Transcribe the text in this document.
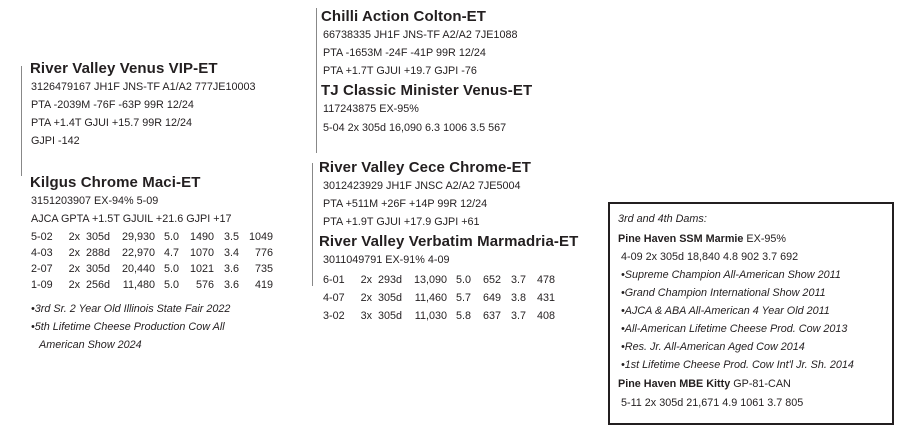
River Valley Venus VIP-ET
3126479167 JH1F JNS-TF A1/A2 777JE10003
PTA -2039M -76F -63P 99R 12/24
PTA +1.4T GJUI +15.7 99R 12/24
GJPI -142
Chilli Action Colton-ET
66738335 JH1F JNS-TF A2/A2 7JE1088
PTA -1653M -24F -41P 99R 12/24
PTA +1.7T GJUI +19.7 GJPI -76
TJ Classic Minister Venus-ET
117243875 EX-95%
5-04 2x 305d 16,090 6.3 1006 3.5 567
Kilgus Chrome Maci-ET
3151203907 EX-94% 5-09
AJCA GPTA +1.5T GJUIL +21.6 GJPI +17
5-02	2x 305d	29,930 5.0	1490 3.5 1049
4-03	2x 288d	22,970 4.7	1070 3.4	776
2-07	2x 305d	20,440 5.0	1021 3.6	735
1-09	2x 256d	11,480 5.0	576 3.6	419
•3rd Sr. 2 Year Old Illinois State Fair 2022
•5th Lifetime Cheese Production Cow All
American Show 2024
River Valley Cece Chrome-ET
3012423929 JH1F JNSC A2/A2 7JE5004
PTA +511M +26F +14P 99R 12/24
PTA +1.9T GJUI +17.9 GJPI +61
River Valley Verbatim Marmadria-ET
3011049791 EX-91% 4-09
6-01	2x 293d	13,090 5.0	652 3.7	478
4-07	2x 305d	11,460 5.7	649 3.8	431
3-02	3x 305d	11,030 5.8	637 3.7	408
3rd and 4th Dams:
Pine Haven SSM Marmie EX-95%
4-09 2x 305d 18,840 4.8 902 3.7 692
•Supreme Champion All-American Show 2011
•Grand Champion International Show 2011
•AJCA & ABA All-American 4 Year Old 2011
•All-American Lifetime Cheese Prod. Cow 2013
•Res. Jr. All-American Aged Cow 2014
•1st Lifetime Cheese Prod. Cow Int'l Jr. Sh. 2014
Pine Haven MBE Kitty GP-81-CAN
5-11 2x 305d 21,671 4.9 1061 3.7 805
